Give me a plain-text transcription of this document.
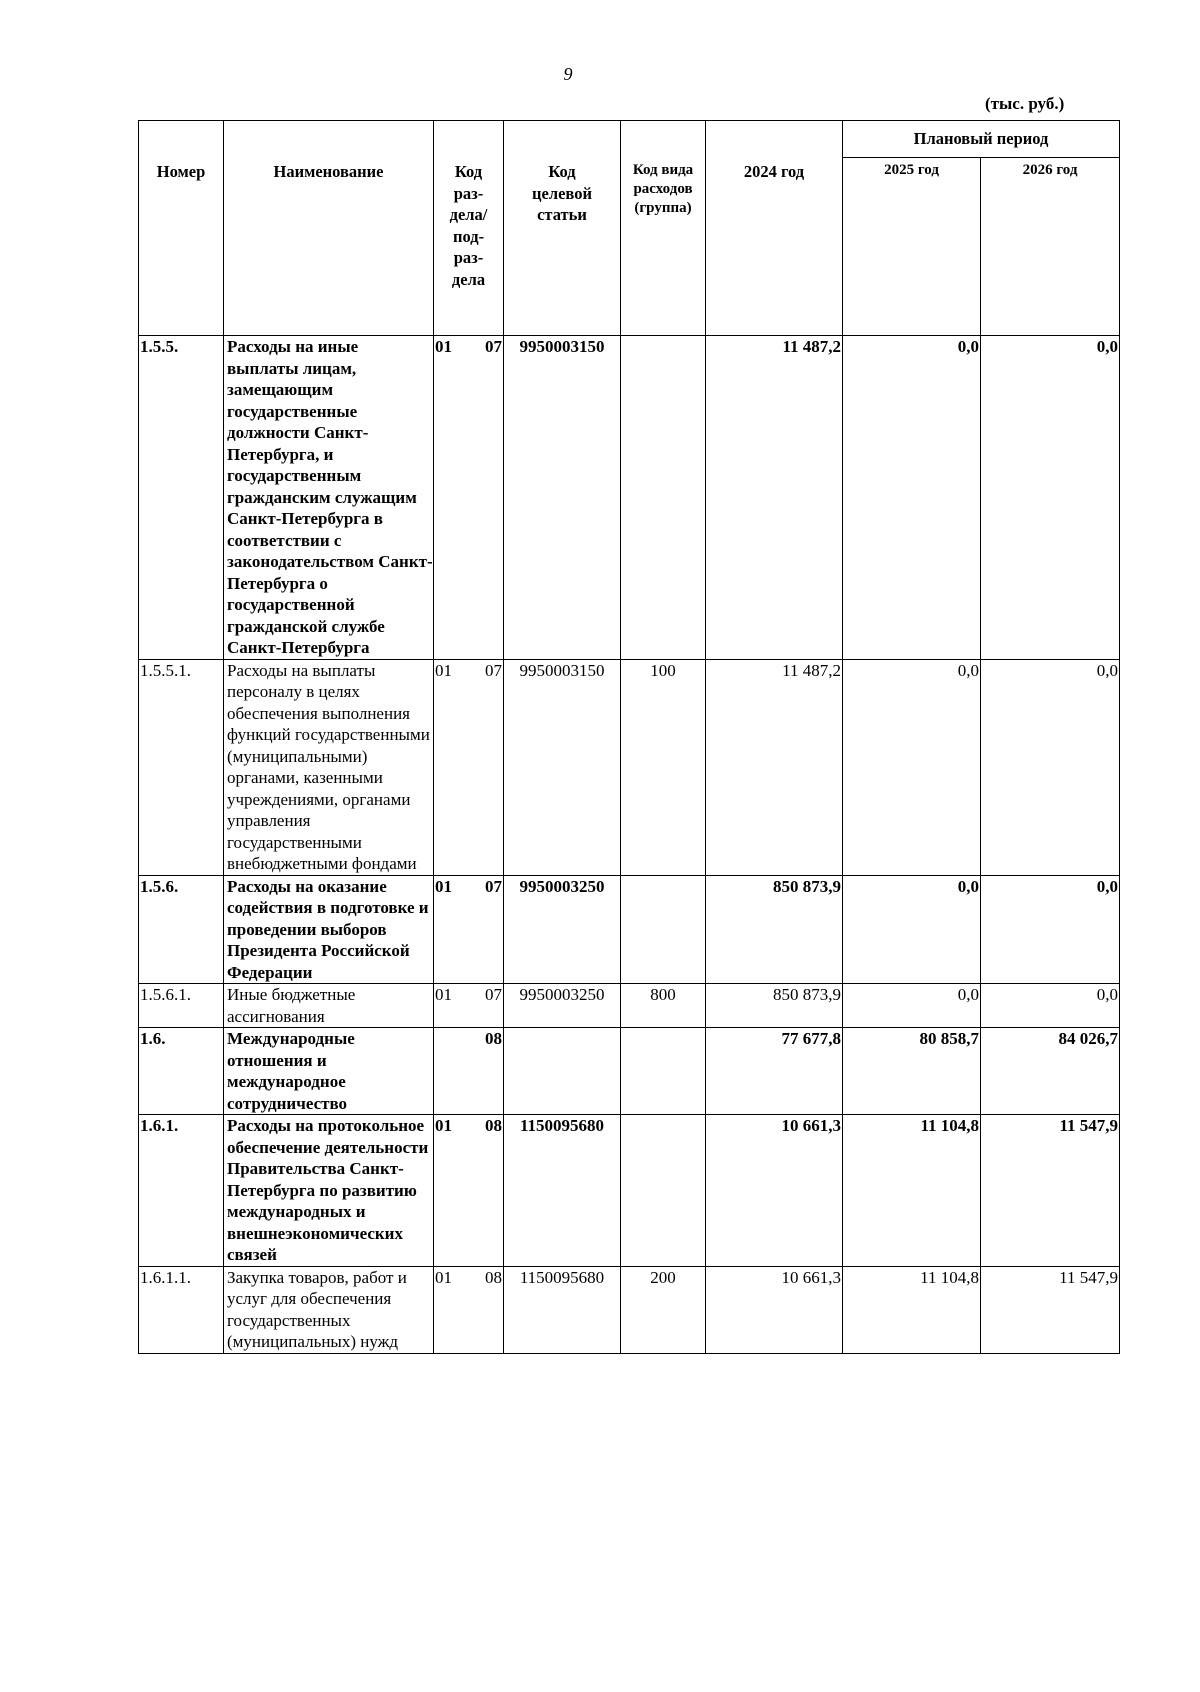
9
(тыс. руб.)
Номер	Наименование	Код раз-дела/ под-раз-дела	Код целевой статьи	Код вида расходов (группа)	2024 год	Плановый период	
						2025 год	2026 год
1.5.5.	Расходы на иные выплаты лицам, замещающим государственные должности Санкт-Петербурга, и государственным гражданским служащим Санкт-Петербурга в соответствии с законодательством Санкт-Петербурга о государственной гражданской службе Санкт-Петербурга	01 07	9950003150		11 487,2	0,0	0,0
1.5.5.1.	Расходы на выплаты персоналу в целях обеспечения выполнения функций государственными (муниципальными) органами, казенными учреждениями, органами управления государственными внебюджетными фондами	01 07	9950003150	100	11 487,2	0,0	0,0
1.5.6.	Расходы на оказание содействия в подготовке и проведении выборов Президента Российской Федерации	01 07	9950003250		850 873,9	0,0	0,0
1.5.6.1.	Иные бюджетные ассигнования	01 07	9950003250	800	850 873,9	0,0	0,0
1.6.	Международные отношения и международное сотрудничество	08			77 677,8	80 858,7	84 026,7
1.6.1.	Расходы на протокольное обеспечение деятельности Правительства Санкт-Петербурга по развитию международных и внешнеэкономических связей	01 08	1150095680		10 661,3	11 104,8	11 547,9
1.6.1.1.	Закупка товаров, работ и услуг для обеспечения государственных (муниципальных) нужд	01 08	1150095680	200	10 661,3	11 104,8	11 547,9
